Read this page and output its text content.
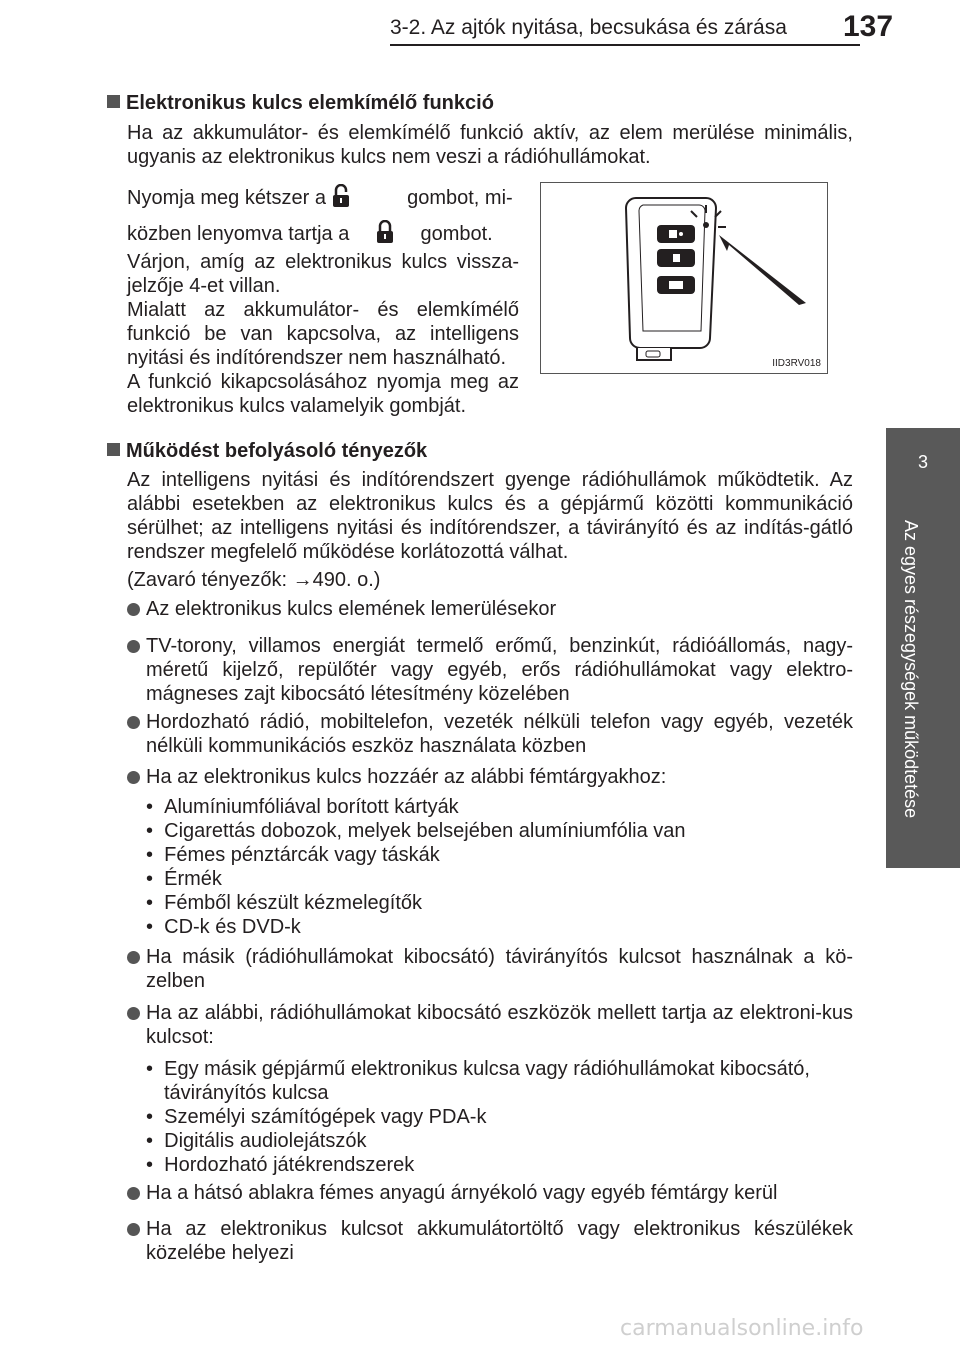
3-2. Az ajtók nyitása, becsukása és zárása 137
3
Az egyes részegységek működtetése
Elektronikus kulcs elemkímélő funkció
Ha az akkumulátor- és elemkímélő funkció aktív, az elem merülése minimális, ugyanis az elektronikus kulcs nem veszi a rádióhullámokat.
Nyomja meg kétszer a	gombot, mi-
közben lenyomva tartja a	gombot.
Várjon, amíg az elektronikus kulcs vissza-jelzője 4-et villan.
Mialatt az akkumulátor- és elemkímélő funkció be van kapcsolva, az intelligens nyitási és indítórendszer nem használható.
A funkció kikapcsolásához nyomja meg az elektronikus kulcs valamelyik gombját.
IID3RV018
Működést befolyásoló tényezők
Az intelligens nyitási és indítórendszert gyenge rádióhullámok működtetik. Az alábbi esetekben az elektronikus kulcs és a gépjármű közötti kommunikáció sérülhet; az intelligens nyitási és indítórendszer, a távirányító és az indítás-gátló rendszer megfelelő működése korlátozottá válhat.
(Zavaró tényezők: →490. o.)
Az elektronikus kulcs elemének lemerülésekor
TV-torony, villamos energiát termelő erőmű, benzinkút, rádióállomás, nagy-méretű kijelző, repülőtér vagy egyéb, erős rádióhullámokat vagy elektro-mágneses zajt kibocsátó létesítmény közelében
Hordozható rádió, mobiltelefon, vezeték nélküli telefon vagy egyéb, vezeték nélküli kommunikációs eszköz használata közben
Ha az elektronikus kulcs hozzáér az alábbi fémtárgyakhoz:
•  Alumíniumfóliával borított kártyák
•  Cigarettás dobozok, melyek belsejében alumíniumfólia van
•  Fémes pénztárcák vagy táskák
•  Érmék
•  Fémből készült kézmelegítők
•  CD-k és DVD-k
Ha másik (rádióhullámokat kibocsátó) távirányítós kulcsot használnak a kö-zelben
Ha az alábbi, rádióhullámokat kibocsátó eszközök mellett tartja az elektroni-kus kulcsot:
•  Egy másik gépjármű elektronikus kulcsa vagy rádióhullámokat kibocsátó, távirányítós kulcsa
•  Személyi számítógépek vagy PDA-k
•  Digitális audiolejátszók
•  Hordozható játékrendszerek
Ha a hátsó ablakra fémes anyagú árnyékoló vagy egyéb fémtárgy kerül
Ha az elektronikus kulcsot akkumulátortöltő vagy elektronikus készülékek közelébe helyezi
carmanualsonline.info
